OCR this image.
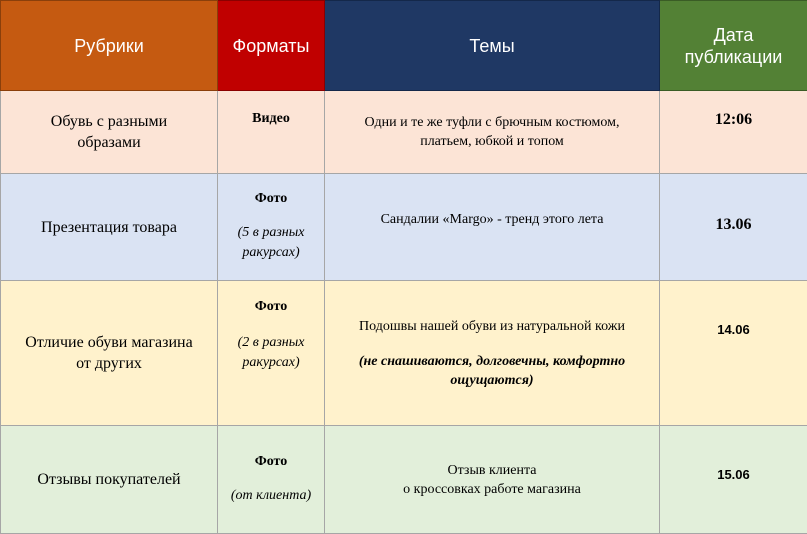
Рубрики	Форматы	Темы	Дата
публикации

Обувь с разными
образами	Видео	Одни и те же туфли с брючным костюмом,
платьем, юбкой и топом	12:06
Презентация товара	Фото
(5 в разных
ракурсах)	Сандалии «Margo» - тренд этого лета	13.06

Отличие обуви магазина
от других	Фото
(2 в разных
ракурсах)	Подошвы нашей обуви из натуральной кожи
(не снашиваются, долговечны, комфортно
ощущаются)	14.06
Отзывы покупателей	Фото
(от клиента)	Отзыв клиента
о кроссовках работе магазина	15.06
